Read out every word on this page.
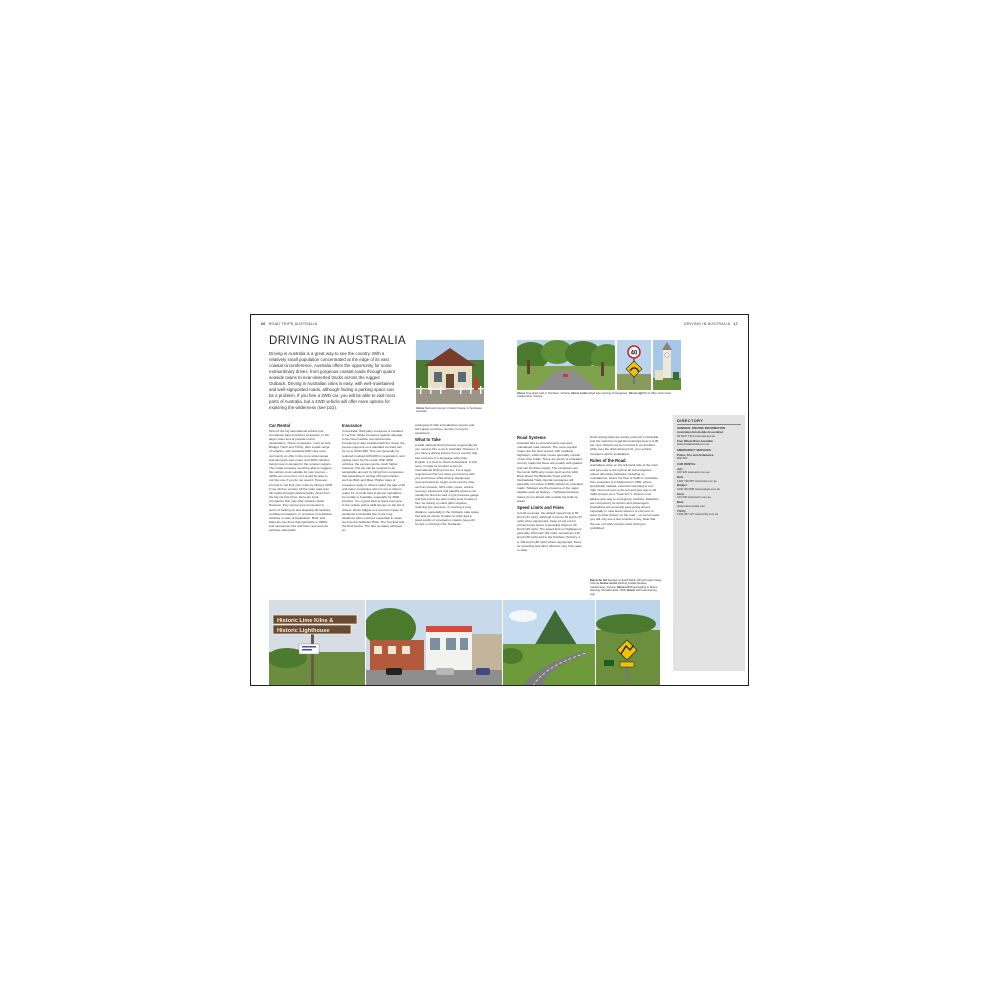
66 ROAD TRIPS AUSTRALIA	DRIVING IN AUSTRALIA 17
DRIVING IN AUSTRALIA
Driving in Australia is a great way to see the country. With a relatively small population concentrated at the edge of its vast coastal circumference, Australia offers the opportunity for some extraordinary drives, from gorgeous coastal roads through quaint seaside towns to near-deserted tracks across the rugged Outback. Driving in Australian cities is easy, with well-maintained and well-signposted roads, although finding a parking space can be a problem. If you hire a 2WD car, you will be able to visit most parts of Australia, but a 4WD vehicle will offer more options for exploring the wilderness (see p22).
Car Rental

Most of the big international vehicle hire companies have branches at airports, in the larger cities and at popular tourist destinations. These companies, such as Avis, Budget, Hertz and Thrifty, offer a wide range of vehicles, with standard 2WD cars most commonly on offer in the more urban areas and along the east coast, and 4WD vehicles being more in demand in the remoter regions. The rental company would be able to suggest the vehicle most suitable for your journey – 4WDs are more fuel, so it would be wise to not hire one if you do not need it. However, it's best to not limit your route by hiring a 2WD if you wish to venture off the main road onto dirt tracks through national parks. Apart from the big car hire firms, there are local companies that may offer cheaper deals. However, they can be less convenient in terms of picking up and dropping off vehicles at different locations, or provision of substitute vehicles in case of breakdown. Britz, and Maui are two firms that specialize in 4WDs and campervan hire and have new and old vehicles nationwide.

Insurance

In Australia, third-party insurance is included in car hire. While insurance against damage to the hired vehicle (comprehensive insurance) is also included with the rental, the excess payment on a standard contract can be up to AUS2,000. This can generally be reduced to about AUS100 by negotiation, and paying more for the rental. With 4WD vehicles, the excess can be much higher, however, this too can be reduced to an acceptable amount by hiring from companies that specialize in renting off-road vehicles, such as Britz and Maui. Higher rates of insurance apply to drivers under the age of 25 and many companies will not rent to drivers under 21. A credit card is almost mandatory for rentals in Australia, especially for 4WD vehicles. It is a good idea to leave everyone in the vehicle with a valid licence on the list of drivers. Driver fatigue is a common cause of accidents in Australia due to the long distances often covered, especially in areas such as the Nullarbor Plain, The Top End and the Red Centre. The hire company will have an

arrangement with a breakdown service and will supply a toll-free number to ring for assistance.

What to Take

A valid national driving licence is generally all you need to hire a car in Australia. However, if you have a driving licence from a country that has a licence in a language other than English, it is best to check beforehand. In this case, it might be prudent to get an International Driving Licence. It is a legal requirement that you have your licence with you at all times while driving. Equipment recommended for tough cross-country trips, such as shovels, GPS units, ropes, vehicle recovery equipment and satellite phones can usually be hired as well. A tyre pressure gauge and foot pump are also useful tools to take or hire, as driving on sand often requires reducing tyre pressure. If covering a long distance, especially in the Outback, take spare fuel and oil, plenty of water to drink and a good supply of emergency snacks (see p22 for tips on driving in the Outback).

Road Systems

Australia has a comprehensive and well-maintained road network. The more popular routes are the best served, with multilane highways, while other routes generally consist of two-lane roads. There are plenty of unsealed country roads but these are usually well graded and can be driven easily. The exceptions are the iconic 4WD-only routes such as the Gibb River Road, the Birdsville Track and the Oodnadatta Track. Rental companies will generally not insure a 2WD vehicle for unsealed roads. Tollways are the preserve of the major capitals such as Sydney – highways between states do not attract tolls outside the built-up areas.

Speed Limits and Fines

In built-up areas, the default speed limit is 50 kmph (31 mph), although it can be 60 kmph (37 mph) when signposted. Keep a look out for school zones where it generally drops to 40 kmph (25 mph). The speed limit on highways is generally 100 kmph (62 mph), sometimes 110 kmph (68 mph) and in the Northern Territory, it is 130 kmph (80 mph) where signposted. Fines for speeding and other offences vary from state to state.

Drink-driving laws are strictly enforced in Australia and the maximum legal blood alcohol level is 0.05 per cent. Should you be involved in an accident while over the drink-driving limit, your vehicle insurance will be invalidated.

Rules of the Road

Australians drive on the left-hand side of the road and give way to the right at all circumstances unless otherwise indicated, including on roundabouts, where the flow of traffic is clockwise. One exception is in Melbourne's CBD, where specifically marked, motorists intending to turn right must pull over to the left and give way to all traffic (known as a "hook turn"). Drivers must always give way to emergency vehicles. Seatbelts are compulsory for drivers and passengers. Australians are generally easy-going drivers, especially in rural areas where it is common to wave to other drivers on the road – on some roads you will only see a few vehicles a day. Note that the use of mobile phones while driving is prohibited.

Above Red petrol pump in historic Kiama, in Southeast Australia
40
Above Tree-lined road in Trentham, Victoria; Above centre Road sign warning of kangaroos; Above right Post office clock tower, Castlemaine, Victoria
Historic Lime Kilns &
Historic Lighthouse
Below far left Signage at South Robin Hill and Cape Otway, Victoria; Below centre Parking outside Medlow, Castlemaine, Victoria; Below left Road leading to Mount Warning, Murwillumbah, NSW; Below Cliff road warning sign
DIRECTORY
GENERAL DRIVING INFORMATION
Australian Automobile Association
02 6247 7311 www.aaa.asn.au
Four Wheel Drive Australia
www.4wdaustralia.com.au
EMERGENCY SERVICES
Police, Fire and Ambulance
Dial 000
CAR RENTAL
Avis
136 333 www.avis.com.au
Britz
1300 738 087 www.britz.com.au
Budget
1300 362 848 www.budget.com.au
Hertz
133 039 www.hertz.com.au
Maui
www.maui-rentals.com
Thrifty
1300 367 227 www.thrifty.com.au
